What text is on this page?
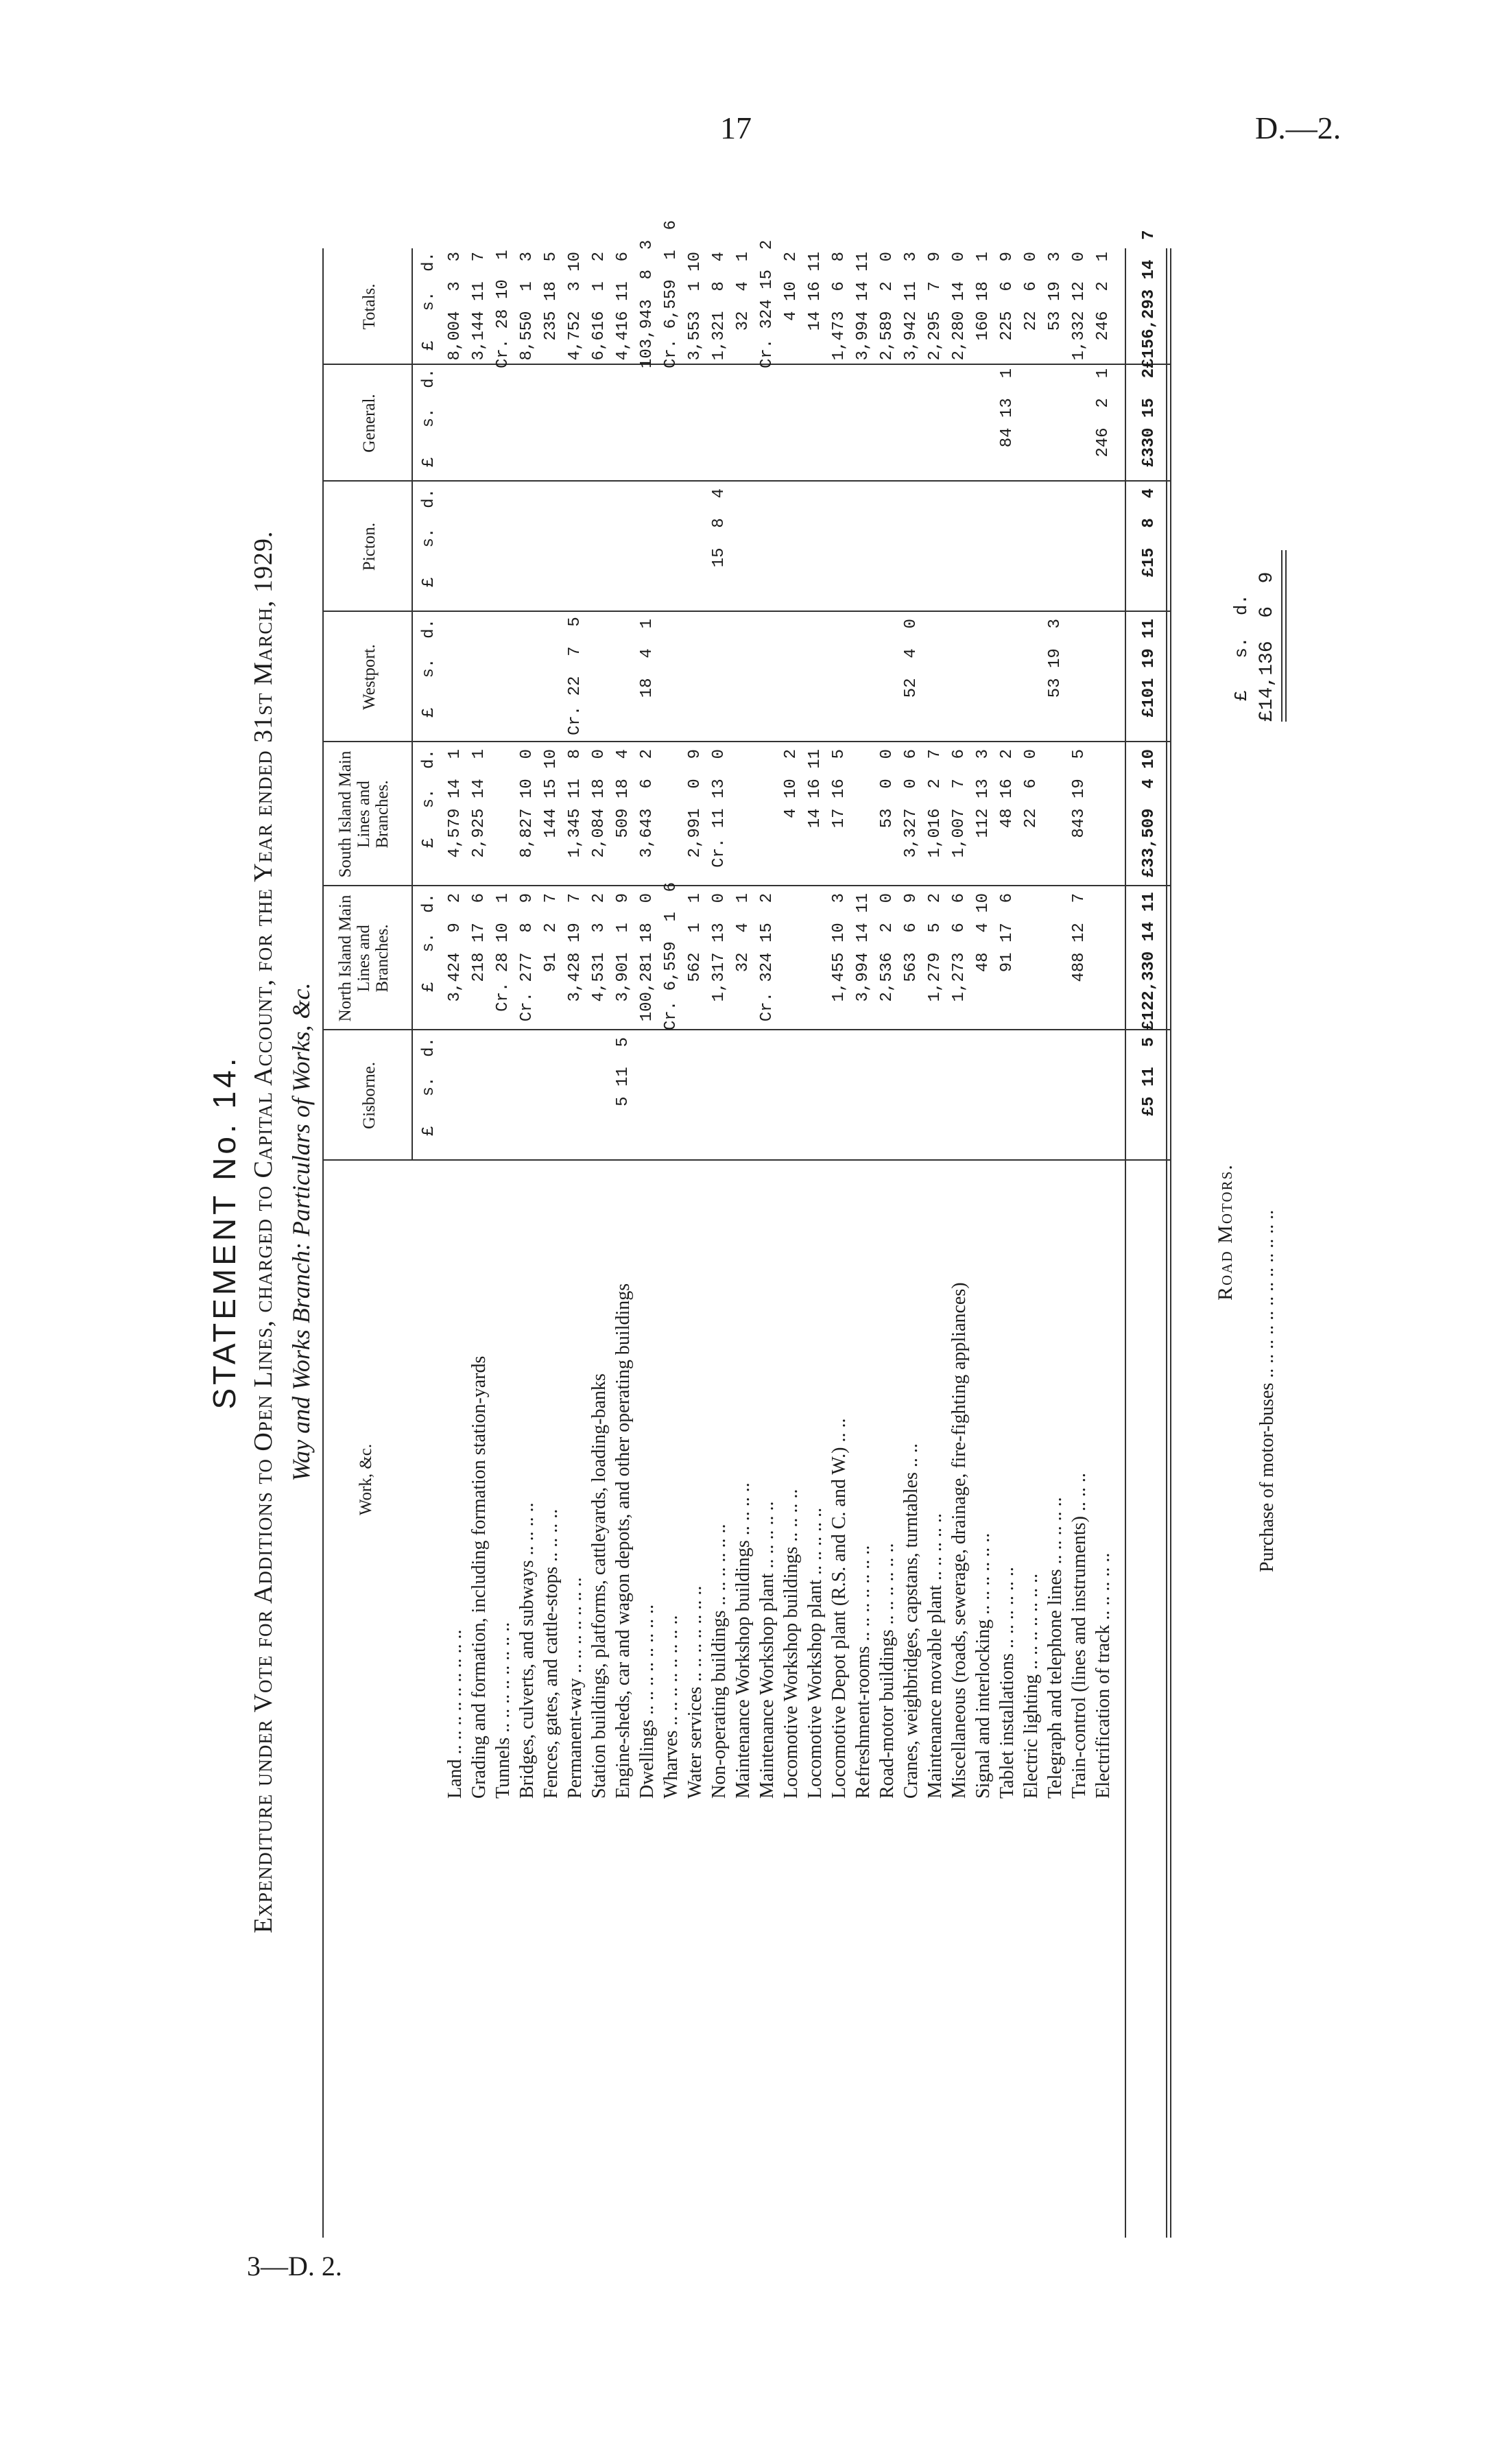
17	D.—2.
3—D. 2.
STATEMENT No. 14. Expenditure under Vote for Additions to Open Lines, charged to Capital Account, for the Year ended 31st March, 1929. Way and Works Branch: Particulars of Works, &c. Work, &c.
Gisborne.
North Island Main Lines and Branches.
South Island Main Lines and Branches.
Westport.
Picton.
General.
Totals.
£   s.  d.
£   s.  d.
£   s.  d.
£   s.  d.
£   s.  d.
£   s.  d.
£   s.  d.
Land .. .. .. .. .. .. .. .. ..
3,424  9  2
4,579 14  1
8,004  3  3
Grading and formation, including formation station-yards
218 17  6
2,925 14  1
3,144 11  7
Tunnels .. .. .. .. .. .. .. ..
Cr. 28 10  1
Cr. 28 10  1
Bridges, culverts, and subways .. .. .. ..
Cr. 277  8  9
8,827 10  0
8,550  1  3
Fences, gates, and cattle-stops .. .. .. ..
91  2  7
144 15 10
235 18  5
Permanent-way .. .. .. .. .. .. ..
3,428 19  7
1,345 11  8
Cr. 22  7  5
4,752  3 10
Station buildings, platforms, cattleyards, loading-banks
4,531  3  2
2,084 18  0
6,616  1  2
Engine-sheds, car and wagon depots, and other operating buildings
5 11  5
3,901  1  9
509 18  4
4,416 11  6
Dwellings .. .. .. .. .. .. .. ..
100,281 18  0
3,643  6  2
18  4  1
103,943  8  3
Wharves .. .. .. .. .. .. .. ..
Cr. 6,559  1  6
Cr. 6,559  1  6
Water services .. .. .. .. .. .. ..
562  1  1
2,991  0  9
3,553  1 10
Non-operating buildings .. .. .. .. .. ..
1,317 13  0
Cr. 11 13  0
15  8  4
1,321  8  4
Maintenance Workshop buildings .. .. .. ..
32  4  1
32  4  1
Maintenance Workshop plant .. .. .. .. ..
Cr. 324 15  2
Cr. 324 15  2
Locomotive Workshop buildings .. .. .. ..
4 10  2
4 10  2
Locomotive Workshop plant .. .. .. .. ..
14 16 11
14 16 11
Locomotive Depot plant (R.S. and C. and W.) .. ..
1,455 10  3
17 16  5
1,473  6  8
Refreshment-rooms .. .. .. .. .. .. ..
3,994 14 11
3,994 14 11
Road-motor buildings .. .. .. .. .. ..
2,536  2  0
53  0  0
2,589  2  0
Cranes, weighbridges, capstans, turntables .. ..
563  6  9
3,327  0  6
52  4  0
3,942 11  3
Maintenance movable plant .. .. .. .. ..
1,279  5  2
1,016  2  7
2,295  7  9
Miscellaneous (roads, sewerage, drainage, fire-fighting appliances)
1,273  6  6
1,007  7  6
2,280 14  0
Signal and interlocking .. .. .. .. .. ..
48  4 10
112 13  3
160 18  1
Tablet installations .. .. .. .. .. ..
91 17  6
48 16  2
84 13  1
225  6  9
Electric lighting .. .. .. .. .. .. ..
22  6  0
22  6  0
Telegraph and telephone lines .. .. .. .. ..
53 19  3
53 19  3
Train-control (lines and instruments) .. .. ..
488 12  7
843 19  5
1,332 12  0
Electrification of track .. .. .. .. ..
246  2  1
246  2  1
£5 11  5
£122,330 14 11
£33,509  4 10
£101 19 11
£15  8  4
£330 15  2
£156,293 14  7
Road Motors. Purchase of motor-buses .. .. .. .. .. .. .. .. .. .. .. ..
£   s.  d. £14,136  6  9
